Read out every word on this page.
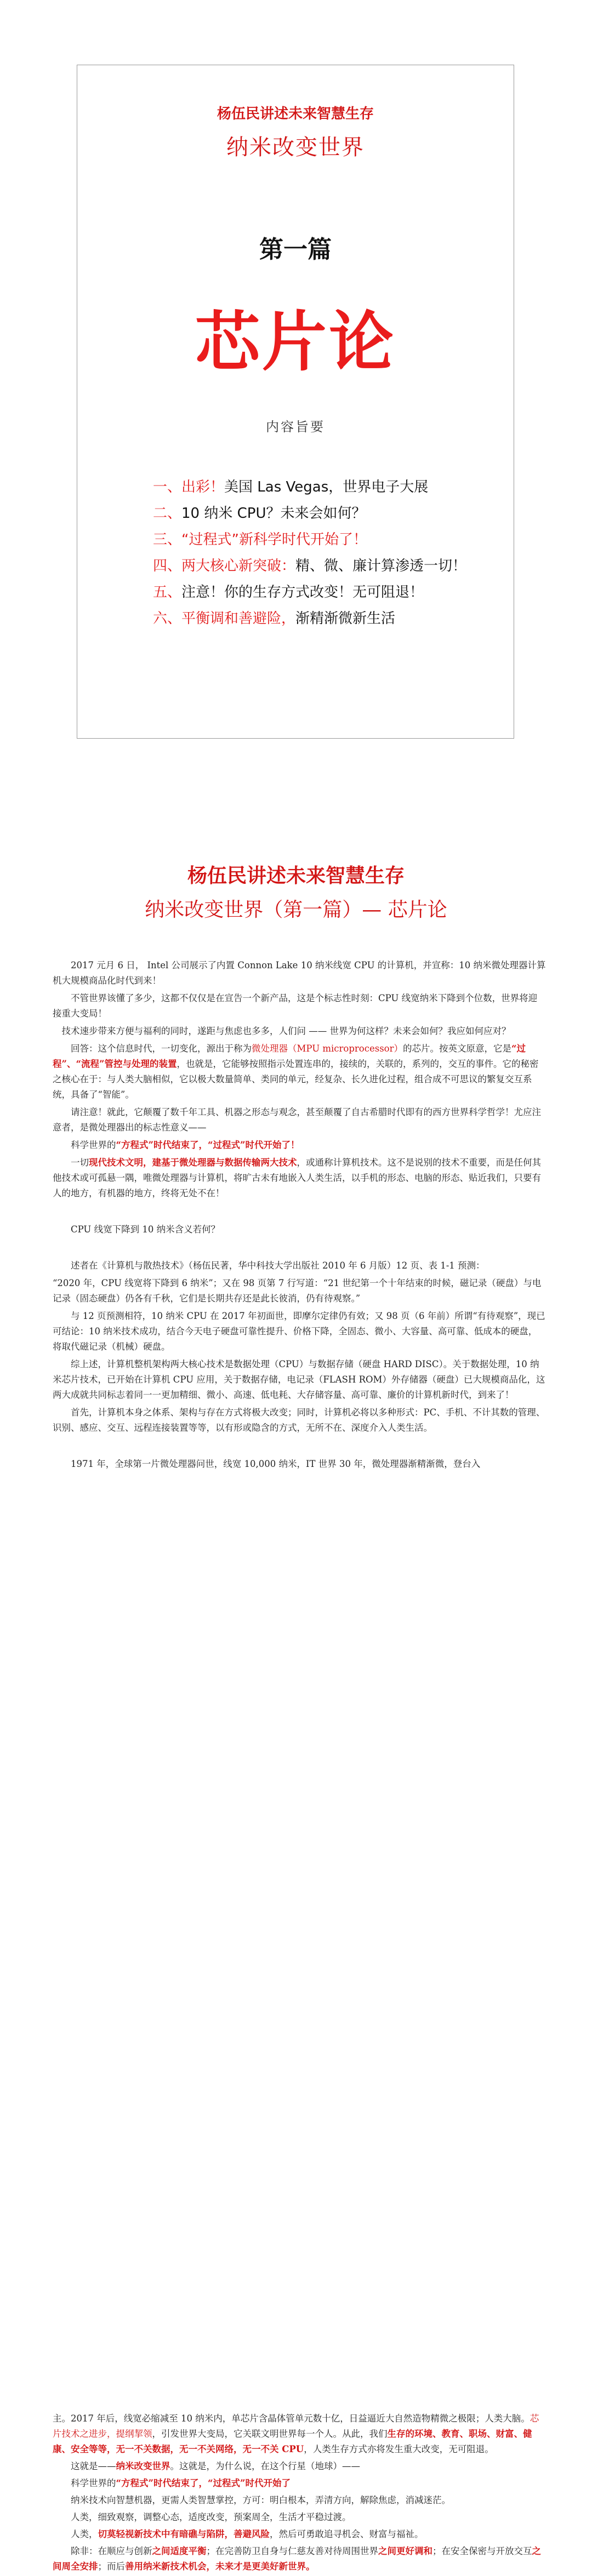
杨伍民讲述未来智慧生存
纳米改变世界
第一篇
芯片论
内容旨要
一、出彩！美国 Las Vegas，世界电子大展
二、10 纳米 CPU？未来会如何？
三、“过程式”新科学时代开始了！
四、两大核心新突破：精、微、廉计算渗透一切！
五、注意！你的生存方式改变！无可阻退！
六、平衡调和善避险，渐精渐微新生活
杨伍民讲述未来智慧生存
纳米改变世界（第一篇）— 芯片论

2017 元月 6 日， Intel 公司展示了内置 Connon Lake 10 纳米线宽 CPU 的计算机，并宣称：10 纳米微处理器计算机大规模商品化时代到来！

不管世界该懂了多少，这都不仅仅是在宣告一个新产品，这是个标志性时刻：CPU 线宽纳米下降到个位数，世界将迎接重大变局！

技术速步带来方便与福利的同时，遂距与焦虑也多多，人们问 —— 世界为何这样？未来会如何？我应如何应对？

回答：这个信息时代，一切变化，源出于称为微处理器（MPU microprocessor）的芯片。按英文原意，它是“过程”、“流程”管控与处理的装置，也就是，它能够按照指示处置连串的，接续的，关联的，系列的，交互的事件。它的秘密之核心在于：与人类大脑相似，它以极大数量简单、类同的单元，经复杂、长久进化过程，组合成不可思议的繁复交互系统，具备了“智能”。

请注意！就此，它颠覆了数千年工具、机器之形态与观念，甚至颠覆了自古希腊时代即有的西方世界科学哲学！尤应注意者，是微处理器出的标志性意义——

科学世界的“方程式”时代结束了，“过程式”时代开始了！

一切现代技术文明，建基于微处理器与数据传输两大技术，或通称计算机技术。这不是说别的技术不重要，而是任何其他技术或可孤悬一隅，唯微处理器与计算机，将旷古未有地嵌入人类生活，以手机的形态、电脑的形态、贴近我们，只要有人的地方，有机器的地方，终将无处不在！

CPU 线宽下降到 10 纳米含义若何？

述者在《计算机与散热技术》（杨伍民著，华中科技大学出版社 2010 年 6 月版）12 页、表 1-1 预测：

“2020 年，CPU 线宽将下降到 6 纳米”；又在 98 页第 7 行写道：“21 世纪第一个十年结束的时候，磁记录（硬盘）与电记录（固态硬盘）仍各有千秋，它们是长期共存还是此长彼消，仍有待观察。”

与 12 页预测相符，10 纳米 CPU 在 2017 年初面世，即摩尔定律仍有效；又 98 页（6 年前）所谓“有待观察”，现已可结论：10 纳米技术成功，结合今天电子硬盘可靠性提升、价格下降，全固态、微小、大容量、高可靠、低成本的硬盘，将取代磁记录（机械）硬盘。

综上述，计算机整机架构两大核心技术是数据处理（CPU）与数据存储（硬盘 HARD DISC）。关于数据处理，10 纳米芯片技术，已开始在计算机 CPU 应用，关于数据存储，电记录（FLASH ROM）外存储器（硬盘）已大规模商品化，这两大成就共同标志着同一一更加精细、微小、高速、低电耗、大存储容量、高可靠、廉价的计算机新时代，到来了！

首先，计算机本身之体系、架构与存在方式将极大改变；同时，计算机必将以多种形式：PC、手机、不计其数的管理、识别、感应、交互、远程连接装置等等，以有形或隐含的方式，无所不在、深度介入人类生活。

1971 年，全球第一片微处理器问世，线宽 10,000 纳米，IT 世界 30 年，微处理器渐精渐微，登台入

主。2017 年后，线宽必缩减至 10 纳米内，单芯片含晶体管单元数十亿，日益逼近大自然造物精微之极限；人类大脑。芯片技术之进步，提纲挈领，引发世界大变局，它关联文明世界每一个人。从此，我们生存的环境、教育、职场、财富、健康、安全等等，无一不关数据，无一不关网络，无一不关 CPU，人类生存方式亦将发生重大改变，无可阻退。

这就是——纳米改变世界。这就是，为什么说，在这个行星（地球）——

科学世界的“方程式”时代结束了，“过程式”时代开始了

纳米技术向智慧机器，更需人类智慧掌控，方可：明白根本，弄清方向，解除焦虑，消减迷茫。

人类，细致观察，调整心态，适度改变，预案周全，生活才平稳过渡。

人类，切莫轻视新技术中有暗礁与陷阱，善避风险，然后可勇敢追寻机会、财富与福祉。

除非：在顺应与创新之间适度平衡；在完善防卫自身与仁慈友善对待周围世界之间更好调和；在安全保密与开放交互之间周全安排；而后善用纳米新技术机会，未来才是更美好新世界。
